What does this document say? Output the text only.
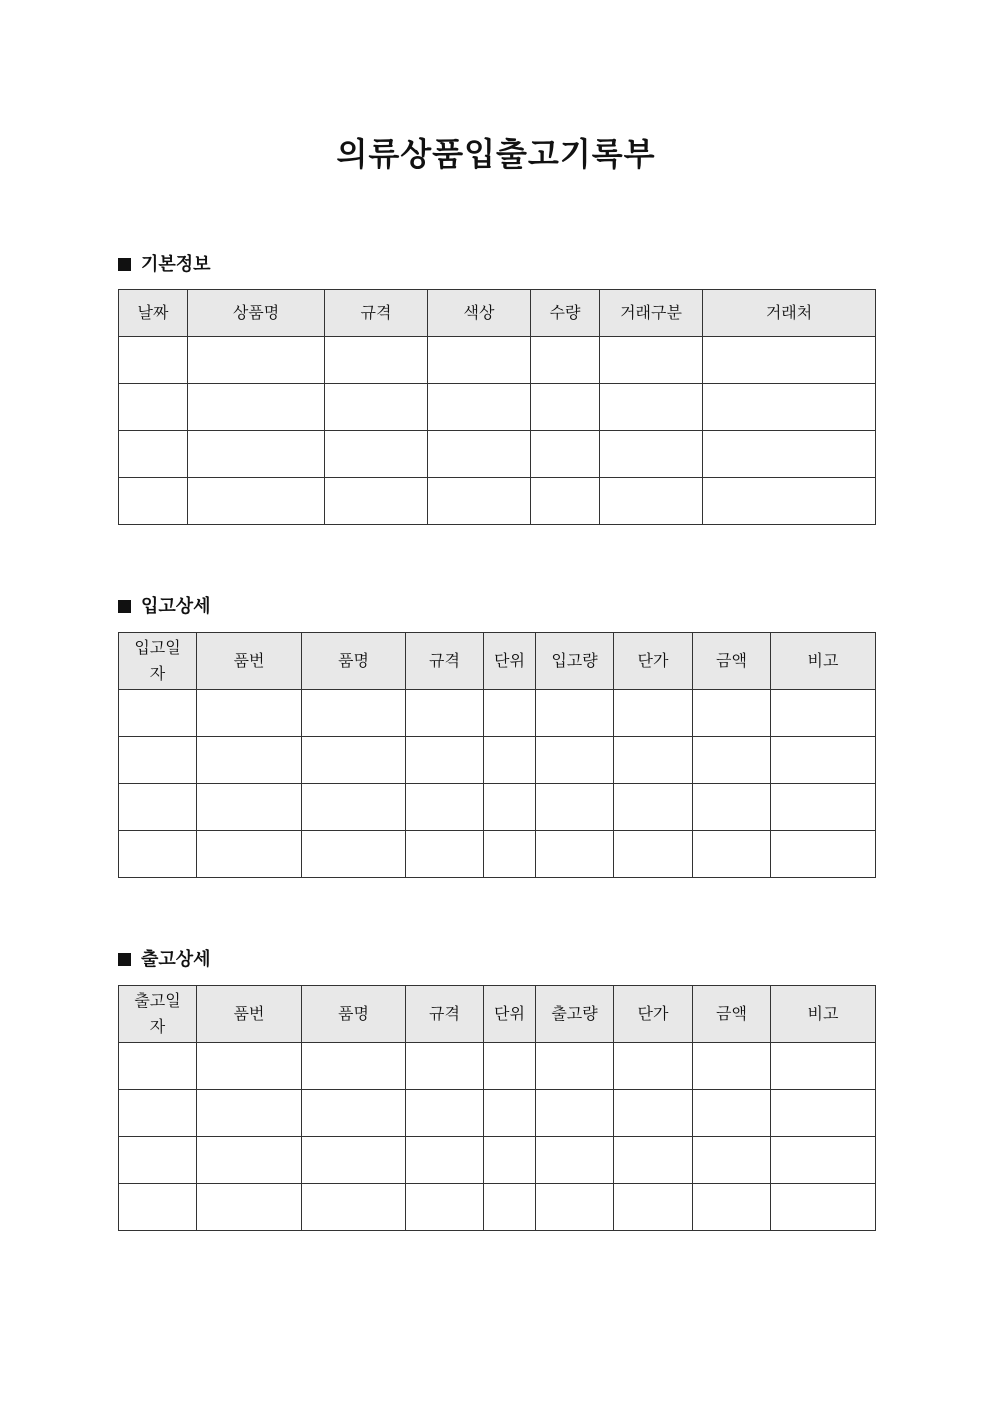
의류상품입출고기록부
기본정보
날짜	상품명	규격	색상	수량	거래구분	거래처

입고상세
입고일자	품번	품명	규격	단위	입고량	단가	금액	비고

출고상세
출고일자	품번	품명	규격	단위	출고량	단가	금액	비고
